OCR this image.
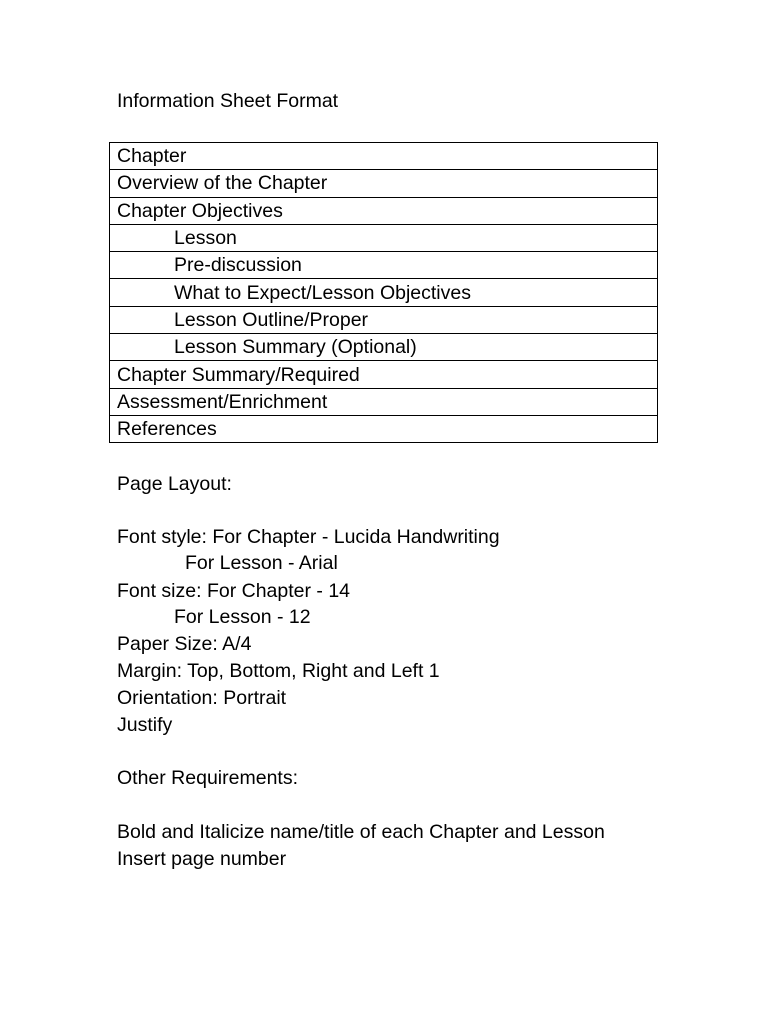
Information Sheet Format
Chapter
Overview of the Chapter
Chapter Objectives
Lesson
Pre-discussion
What to Expect/Lesson Objectives
Lesson Outline/Proper
Lesson Summary (Optional)
Chapter Summary/Required
Assessment/Enrichment
References
Page Layout:
Font style: For Chapter - Lucida Handwriting
For Lesson - Arial
Font size: For Chapter - 14
For Lesson - 12
Paper Size: A/4
Margin: Top, Bottom, Right and Left 1
Orientation: Portrait
Justify
Other Requirements:
Bold and Italicize name/title of each Chapter and Lesson
Insert page number
